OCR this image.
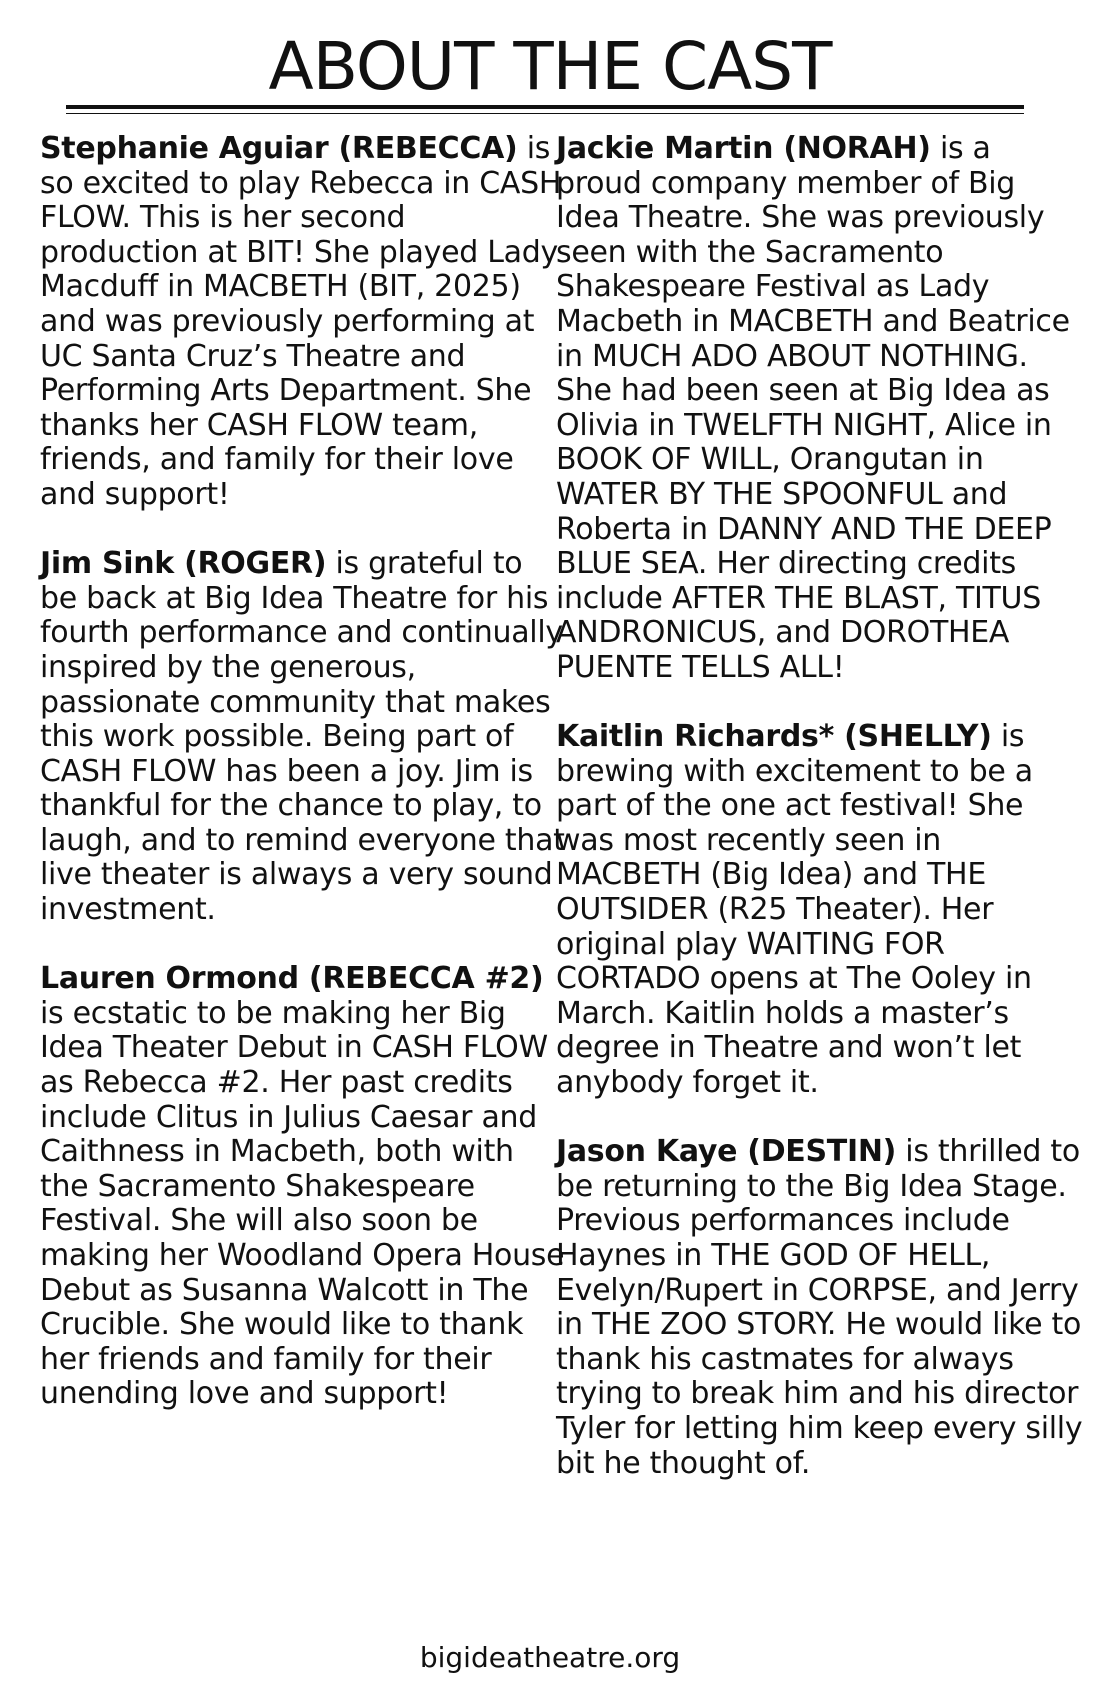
ABOUT THE CAST

Stephanie Aguiar (REBECCA) is so excited to play Rebecca in CASH FLOW. This is her second production at BIT! She played Lady Macduff in MACBETH (BIT, 2025) and was previously performing at UC Santa Cruz’s Theatre and Performing Arts Department. She thanks her CASH FLOW team, friends, and family for their love and support!

Jim Sink (ROGER) is grateful to be back at Big Idea Theatre for his fourth performance and continually inspired by the generous, passionate community that makes this work possible. Being part of CASH FLOW has been a joy. Jim is thankful for the chance to play, to laugh, and to remind everyone that live theater is always a very sound investment.

Lauren Ormond (REBECCA #2) is ecstatic to be making her Big Idea Theater Debut in CASH FLOW as Rebecca #2. Her past credits include Clitus in Julius Caesar and Caithness in Macbeth, both with the Sacramento Shakespeare Festival. She will also soon be making her Woodland Opera House Debut as Susanna Walcott in The Crucible. She would like to thank her friends and family for their unending love and support!

Jackie Martin (NORAH) is a proud company member of Big Idea Theatre. She was previously seen with the Sacramento Shakespeare Festival as Lady Macbeth in MACBETH and Beatrice in MUCH ADO ABOUT NOTHING. She had been seen at Big Idea as Olivia in TWELFTH NIGHT, Alice in BOOK OF WILL, Orangutan in WATER BY THE SPOONFUL and Roberta in DANNY AND THE DEEP BLUE SEA. Her directing credits include AFTER THE BLAST, TITUS ANDRONICUS, and DOROTHEA PUENTE TELLS ALL!

Kaitlin Richards* (SHELLY) is brewing with excitement to be a part of the one act festival! She was most recently seen in MACBETH (Big Idea) and THE OUTSIDER (R25 Theater). Her original play WAITING FOR CORTADO opens at The Ooley in March. Kaitlin holds a master’s degree in Theatre and won’t let anybody forget it.

Jason Kaye (DESTIN) is thrilled to be returning to the Big Idea Stage. Previous performances include Haynes in THE GOD OF HELL, Evelyn/Rupert in CORPSE, and Jerry in THE ZOO STORY. He would like to thank his castmates for always trying to break him and his director Tyler for letting him keep every silly bit he thought of.

bigideatheatre.org
